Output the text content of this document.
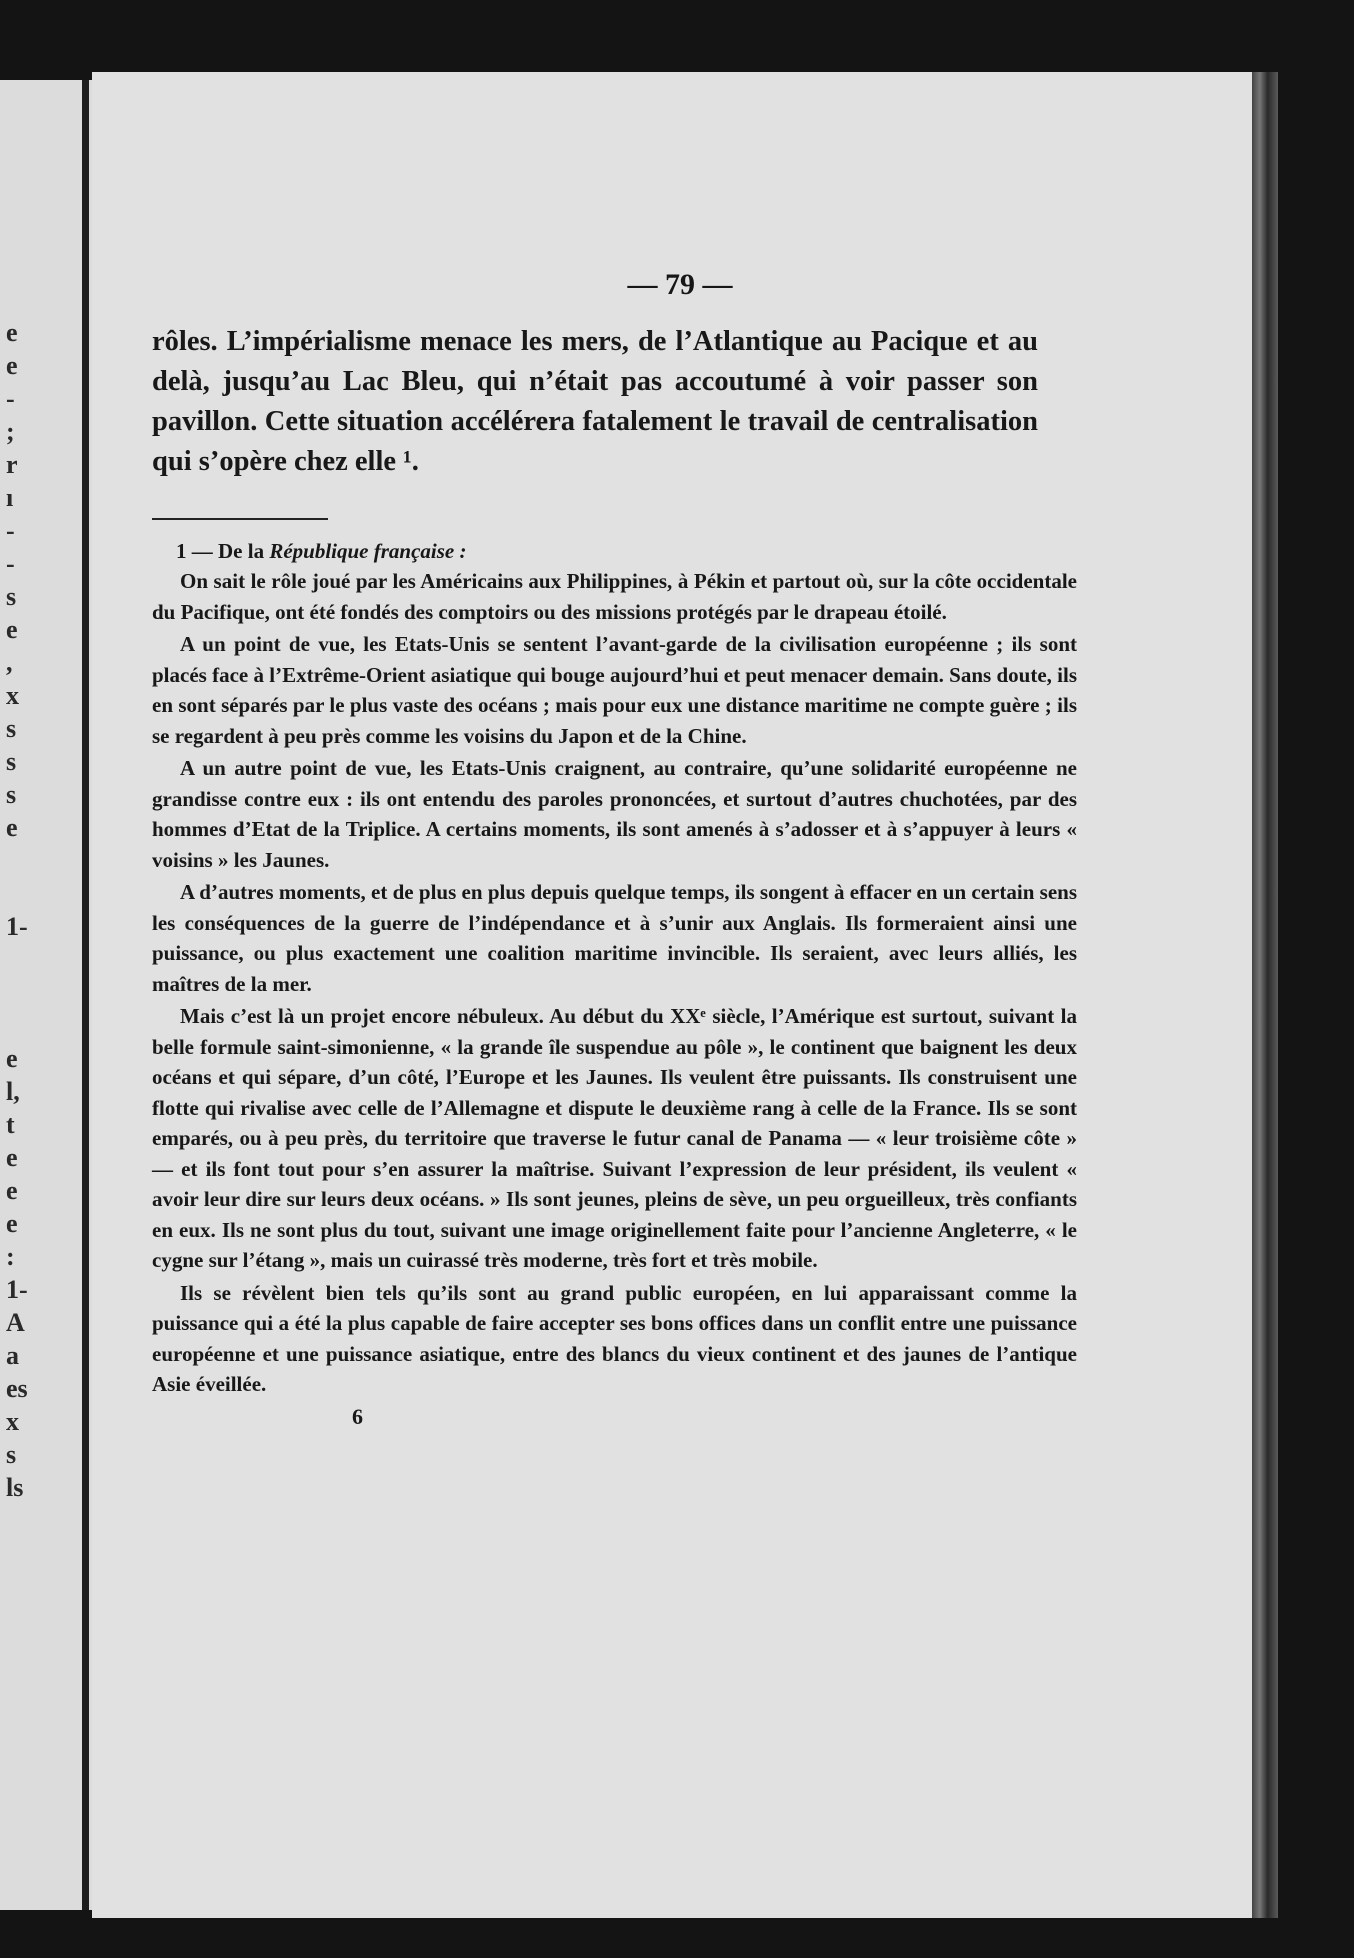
e
e
-
;
r
ı
-
-
s
e
,
x
s
s
s
e
1-
e
l,
t
e
e
e
:
1-
A
a
es
x
s
ls
— 79 —

rôles. L’impérialisme menace les mers, de l’Atlantique au Pacique et au delà, jusqu’au Lac Bleu, qui n’était pas accoutumé à voir passer son pavillon. Cette situation accélérera fatalement le travail de centralisation qui s’opère chez elle ¹.

1 — De la République française :

On sait le rôle joué par les Américains aux Philippines, à Pékin et partout où, sur la côte occidentale du Pacifique, ont été fondés des comptoirs ou des missions protégés par le drapeau étoilé.

A un point de vue, les Etats-Unis se sentent l’avant-garde de la civilisation européenne ; ils sont placés face à l’Extrême-Orient asiatique qui bouge aujourd’hui et peut menacer demain. Sans doute, ils en sont séparés par le plus vaste des océans ; mais pour eux une distance maritime ne compte guère ; ils se regardent à peu près comme les voisins du Japon et de la Chine.

A un autre point de vue, les Etats-Unis craignent, au contraire, qu’une solidarité européenne ne grandisse contre eux : ils ont entendu des paroles prononcées, et surtout d’autres chuchotées, par des hommes d’Etat de la Triplice. A certains moments, ils sont amenés à s’adosser et à s’appuyer à leurs « voisins » les Jaunes.

A d’autres moments, et de plus en plus depuis quelque temps, ils songent à effacer en un certain sens les conséquences de la guerre de l’indépendance et à s’unir aux Anglais. Ils formeraient ainsi une puissance, ou plus exactement une coalition maritime invincible. Ils seraient, avec leurs alliés, les maîtres de la mer.

Mais c’est là un projet encore nébuleux. Au début du XXᵉ siècle, l’Amérique est surtout, suivant la belle formule saint-simonienne, « la grande île suspendue au pôle », le continent que baignent les deux océans et qui sépare, d’un côté, l’Europe et les Jaunes. Ils veulent être puissants. Ils construisent une flotte qui rivalise avec celle de l’Allemagne et dispute le deuxième rang à celle de la France. Ils se sont emparés, ou à peu près, du territoire que traverse le futur canal de Panama — « leur troisième côte » — et ils font tout pour s’en assurer la maîtrise. Suivant l’expression de leur président, ils veulent « avoir leur dire sur leurs deux océans. » Ils sont jeunes, pleins de sève, un peu orgueilleux, très confiants en eux. Ils ne sont plus du tout, suivant une image originellement faite pour l’ancienne Angleterre, « le cygne sur l’étang », mais un cuirassé très moderne, très fort et très mobile.

Ils se révèlent bien tels qu’ils sont au grand public européen, en lui apparaissant comme la puissance qui a été la plus capable de faire accepter ses bons offices dans un conflit entre une puissance européenne et une puissance asiatique, entre des blancs du vieux continent et des jaunes de l’antique Asie éveillée.

6
